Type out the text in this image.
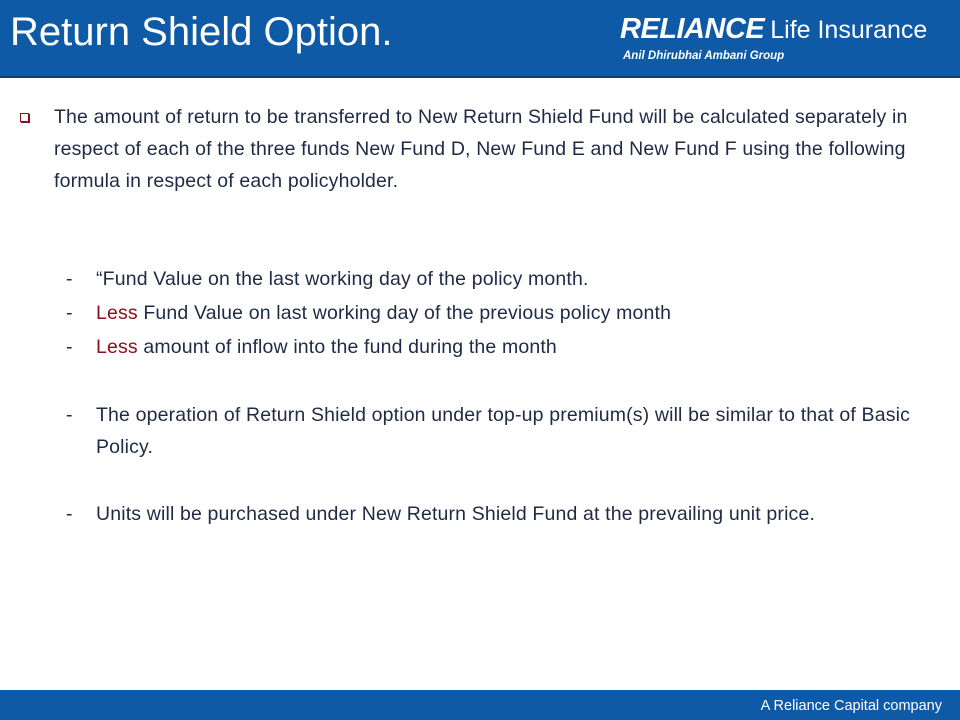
Return Shield Option.	RELIANCE Life Insurance
Anil Dhirubhai Ambani Group
The amount of return to be transferred to New Return Shield Fund will be calculated separately in respect of each of the three funds New Fund D, New Fund E and New Fund F using the following formula in respect of each policyholder.
- “Fund Value on the last working day of the policy month.
- Less Fund Value on last working day of the previous policy month
- Less amount of inflow into the fund during the month
- The operation of Return Shield option under top-up premium(s) will be similar to that of Basic Policy.
- Units will be purchased under New Return Shield Fund at the prevailing unit price.
A Reliance Capital company
